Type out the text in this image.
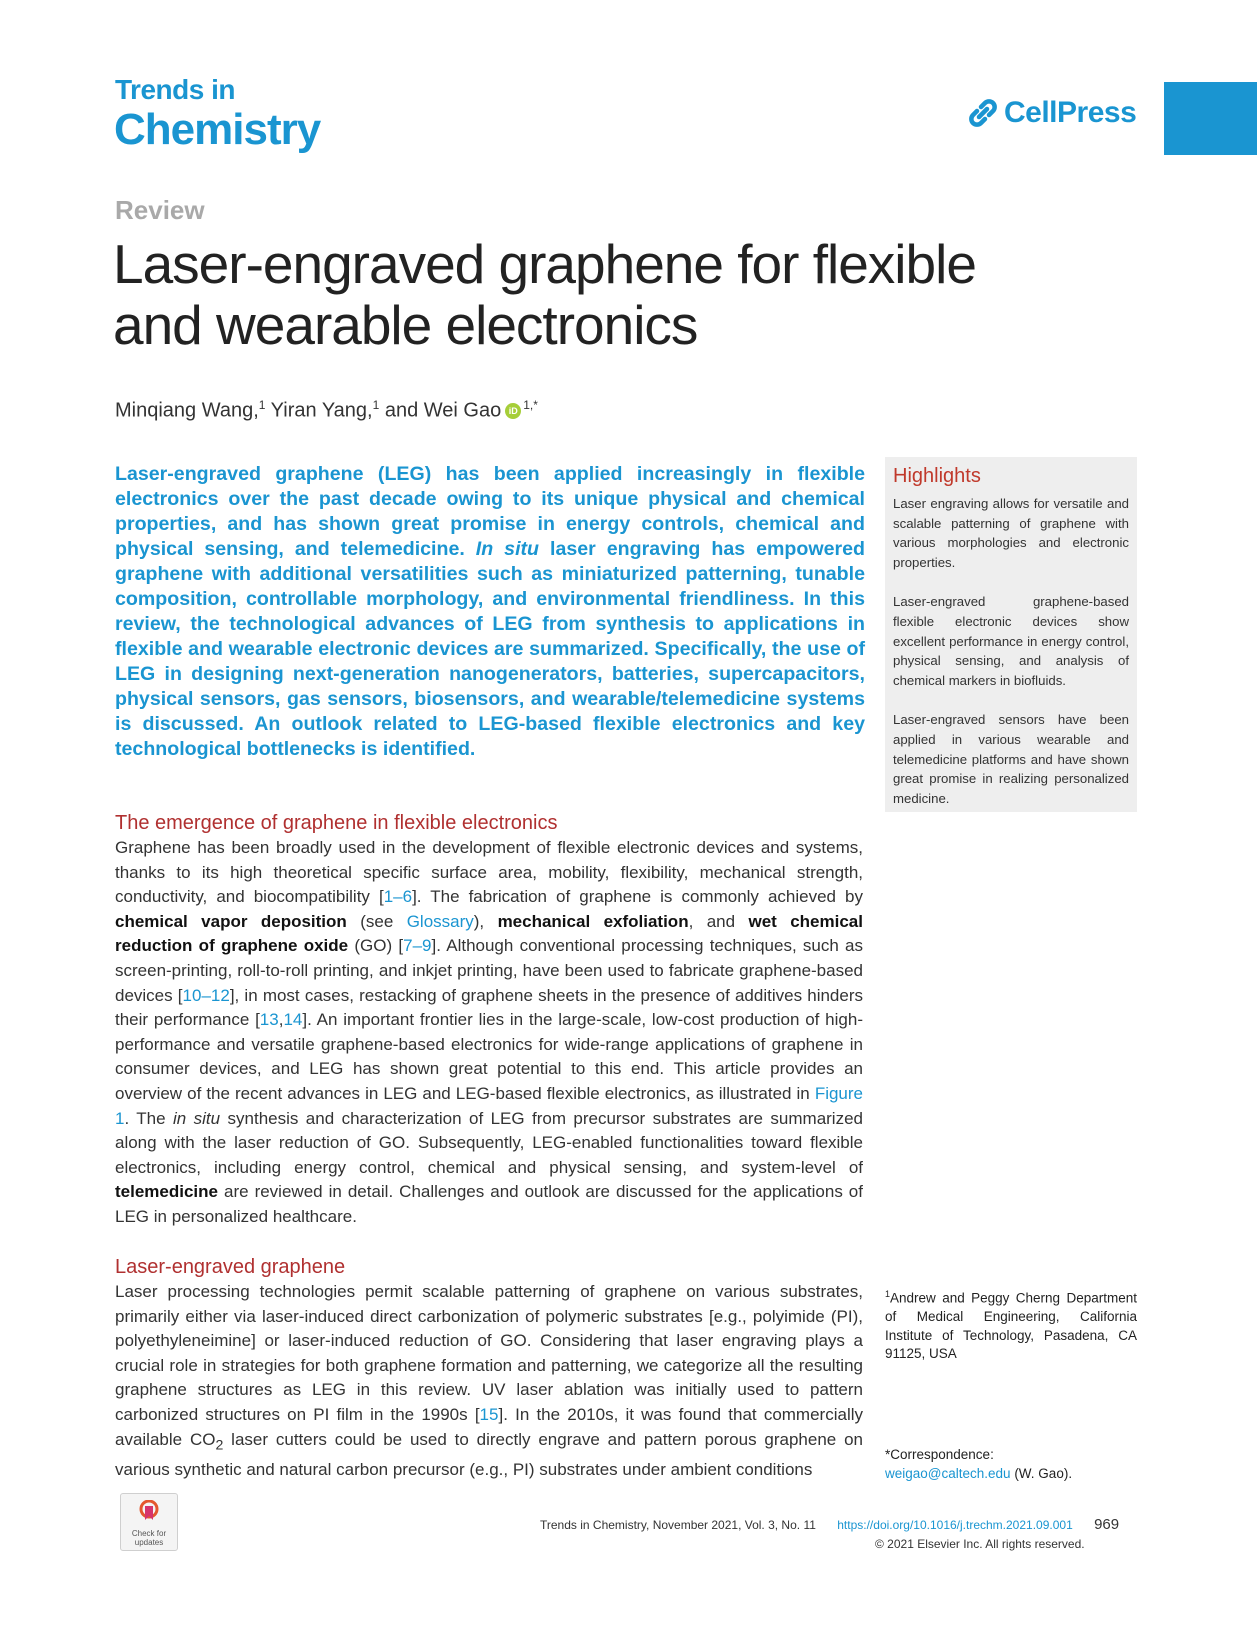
Trends in
Chemistry	CellPress
Review
Laser-engraved graphene for flexible and wearable electronics
Minqiang Wang,$^1$ Yiran Yang,$^1$ and Wei Gao iD $^{1,*}$
Laser-engraved graphene (LEG) has been applied increasingly in flexible electronics over the past decade owing to its unique physical and chemical properties, and has shown great promise in energy controls, chemical and physical sensing, and telemedicine. In situ laser engraving has empowered graphene with additional versatilities such as miniaturized patterning, tunable composition, controllable morphology, and environmental friendliness. In this review, the technological advances of LEG from synthesis to applications in flexible and wearable electronic devices are summarized. Specifically, the use of LEG in designing next-generation nanogenerators, batteries, supercapacitors, physical sensors, gas sensors, biosensors, and wearable/telemedicine systems is discussed. An outlook related to LEG-based flexible electronics and key technological bottlenecks is identified.
Highlights
Laser engraving allows for versatile and scalable patterning of graphene with various morphologies and electronic properties.
Laser-engraved graphene-based flexible electronic devices show excellent performance in energy control, physical sensing, and analysis of chemical markers in biofluids.
Laser-engraved sensors have been applied in various wearable and telemedicine platforms and have shown great promise in realizing personalized medicine.
The emergence of graphene in flexible electronics
Graphene has been broadly used in the development of flexible electronic devices and systems, thanks to its high theoretical specific surface area, mobility, flexibility, mechanical strength, conductivity, and biocompatibility [1–6]. The fabrication of graphene is commonly achieved by chemical vapor deposition (see Glossary), mechanical exfoliation, and wet chemical reduction of graphene oxide (GO) [7–9]. Although conventional processing techniques, such as screen-printing, roll-to-roll printing, and inkjet printing, have been used to fabricate graphene-based devices [10–12], in most cases, restacking of graphene sheets in the presence of additives hinders their performance [13,14]. An important frontier lies in the large-scale, low-cost production of high-performance and versatile graphene-based electronics for wide-range applications of graphene in consumer devices, and LEG has shown great potential to this end. This article provides an overview of the recent advances in LEG and LEG-based flexible electronics, as illustrated in Figure 1. The in situ synthesis and characterization of LEG from precursor substrates are summarized along with the laser reduction of GO. Subsequently, LEG-enabled functionalities toward flexible electronics, including energy control, chemical and physical sensing, and system-level of telemedicine are reviewed in detail. Challenges and outlook are discussed for the applications of LEG in personalized healthcare.
Laser-engraved graphene
Laser processing technologies permit scalable patterning of graphene on various substrates, primarily either via laser-induced direct carbonization of polymeric substrates [e.g., polyimide (PI), polyethyleneimine] or laser-induced reduction of GO. Considering that laser engraving plays a crucial role in strategies for both graphene formation and patterning, we categorize all the resulting graphene structures as LEG in this review. UV laser ablation was initially used to pattern carbonized structures on PI film in the 1990s [15]. In the 2010s, it was found that commercially available $CO_2$ laser cutters could be used to directly engrave and pattern porous graphene on various synthetic and natural carbon precursor (e.g., PI) substrates under ambient conditions
$^1$Andrew and Peggy Cherng Department of Medical Engineering, California Institute of Technology, Pasadena, CA 91125, USA
*Correspondence:
weigao@caltech.edu (W. Gao).
Check for
updates
Trends in Chemistry, November 2021, Vol. 3, No. 11 https://doi.org/10.1016/j.trechm.2021.09.001 969
© 2021 Elsevier Inc. All rights reserved.
